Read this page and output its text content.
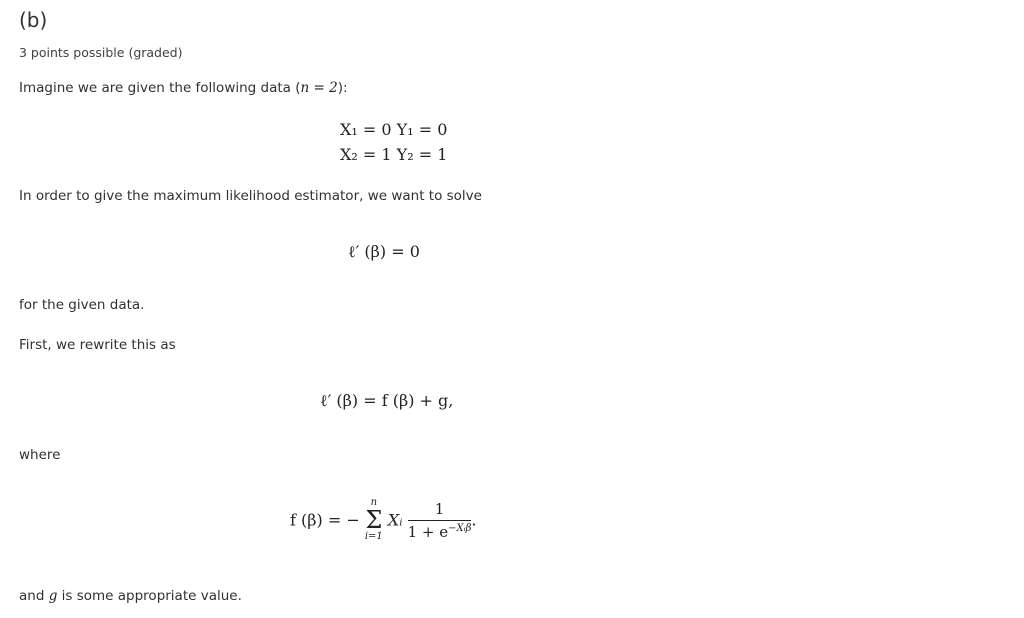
(b)
3 points possible (graded)
Imagine we are given the following data (n = 2):
X₁ = 0 Y₁ = 0
X₂ = 1 Y₂ = 1
In order to give the maximum likelihood estimator, we want to solve
ℓ′ (β) = 0
for the given data.
First, we rewrite this as
ℓ′ (β) = f (β) + g,
where
f (β) = −
n
Σ
i=1
Xᵢ $\frac{1}{1 + e^{-Xᵢ\beta}}$ .
and g is some appropriate value.
